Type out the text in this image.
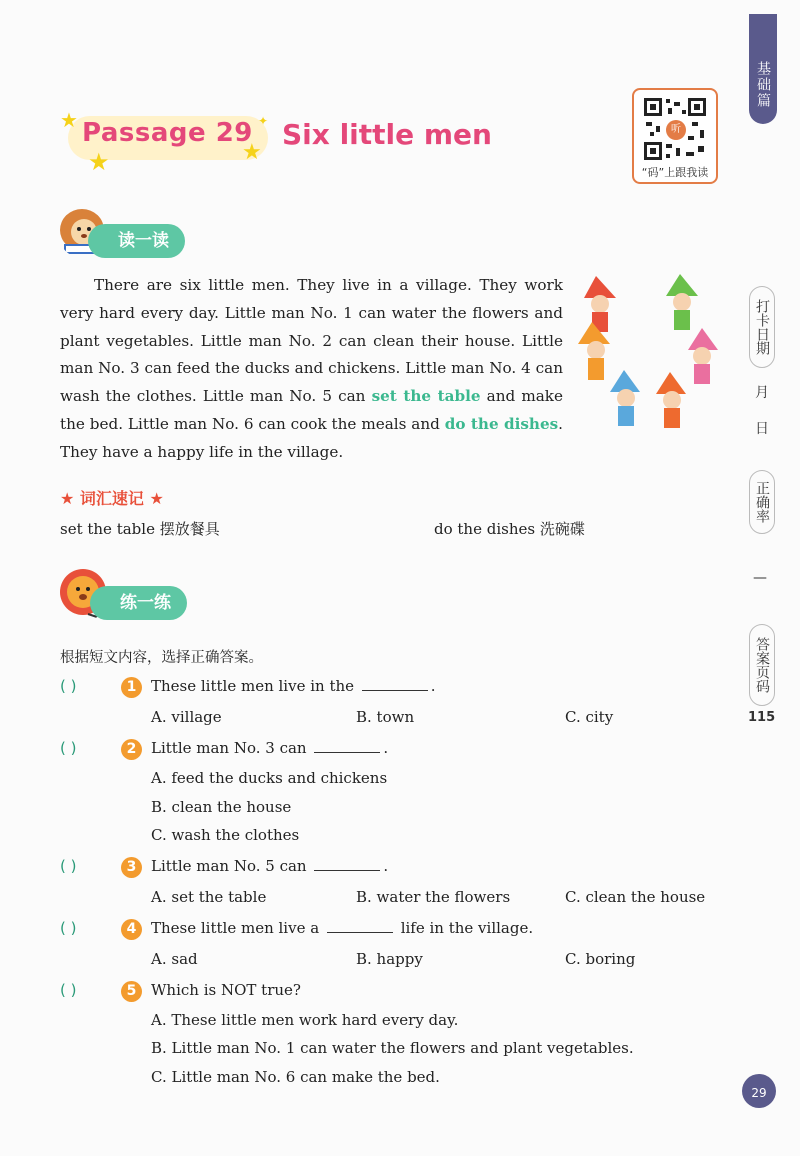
基础篇
打卡日期
月
日
正确率
—
答案页码
115
★
★	★
✦
Passage 29 Six little men	听
“码”上跟我读
读一读
There are six little men. They live in a village. They work very hard every day. Little man No. 1 can water the flowers and plant vegetables. Little man No. 2 can clean their house. Little man No. 3 can feed the ducks and chickens. Little man No. 4 can wash the clothes. Little man No. 5 can set the table and make the bed. Little man No. 6 can cook the meals and do the dishes. They have a happy life in the village.
★ 词汇速记 ★
set the table 摆放餐具	do the dishes 洗碗碟
练一练
根据短文内容，选择正确答案。
( )	1 These little men live in the	.
A. village	B. town	C. city
( )	2 Little man No. 3 can	.
A. feed the ducks and chickens
B. clean the house
C. wash the clothes
( )	3 Little man No. 5 can	.
A. set the table	B. water the flowers	C. clean the house
( )	4 These little men live a	life in the village.
A. sad	B. happy	C. boring
( )	5 Which is NOT true?
A. These little men work hard every day.
B. Little man No. 1 can water the flowers and plant vegetables.
C. Little man No. 6 can make the bed.
29
